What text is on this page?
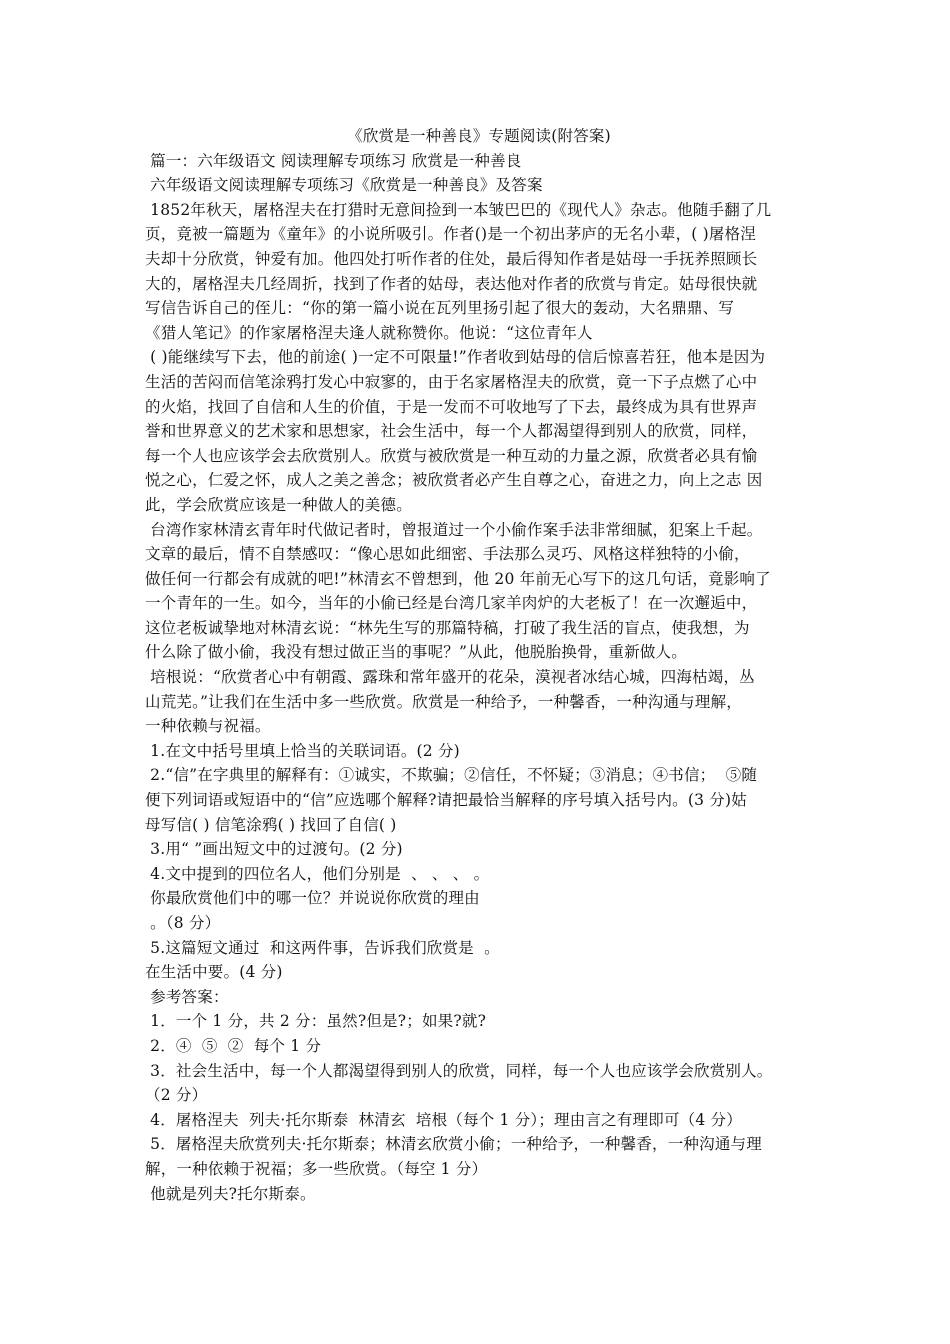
《欣赏是一种善良》专题阅读(附答案)

篇一：六年级语文 阅读理解专项练习 欣赏是一种善良
六年级语文阅读理解专项练习《欣赏是一种善良》及答案
1852年秋天，屠格涅夫在打猎时无意间捡到一本皱巴巴的《现代人》杂志。他随手翻了几
页，竟被一篇题为《童年》的小说所吸引。作者()是一个初出茅庐的无名小辈，( )屠格涅
夫却十分欣赏，钟爱有加。他四处打听作者的住处，最后得知作者是姑母一手抚养照顾长
大的，屠格涅夫几经周折，找到了作者的姑母，表达他对作者的欣赏与肯定。姑母很快就
写信告诉自己的侄儿：“你的第一篇小说在瓦列里扬引起了很大的轰动，大名鼎鼎、写
《猎人笔记》的作家屠格涅夫逢人就称赞你。他说：“这位青年人
( )能继续写下去，他的前途( )一定不可限量!”作者收到姑母的信后惊喜若狂，他本是因为
生活的苦闷而信笔涂鸦打发心中寂寥的，由于名家屠格涅夫的欣赏，竟一下子点燃了心中
的火焰，找回了自信和人生的价值，于是一发而不可收地写了下去，最终成为具有世界声
誉和世界意义的艺术家和思想家，社会生活中，每一个人都渴望得到别人的欣赏，同样，
每一个人也应该学会去欣赏别人。欣赏与被欣赏是一种互动的力量之源，欣赏者必具有愉
悦之心，仁爱之怀，成人之美之善念；被欣赏者必产生自尊之心，奋进之力，向上之志 因
此，学会欣赏应该是一种做人的美德。
台湾作家林清玄青年时代做记者时，曾报道过一个小偷作案手法非常细腻，犯案上千起。
文章的最后，情不自禁感叹：“像心思如此细密、手法那么灵巧、风格这样独特的小偷，
做任何一行都会有成就的吧!”林清玄不曾想到，他 20 年前无心写下的这几句话，竟影响了
一个青年的一生。如今，当年的小偷已经是台湾几家羊肉炉的大老板了！在一次邂逅中，
这位老板诚挚地对林清玄说：“林先生写的那篇特稿，打破了我生活的盲点，使我想，为
什么除了做小偷，我没有想过做正当的事呢？”从此，他脱胎换骨，重新做人。
培根说：“欣赏者心中有朝霞、露珠和常年盛开的花朵，漠视者冰结心城，四海枯竭，丛
山荒芜。”让我们在生活中多一些欣赏。欣赏是一种给予，一种馨香，一种沟通与理解，
一种依赖与祝福。
1.在文中括号里填上恰当的关联词语。(2 分)
2.“信”在字典里的解释有：①诚实，不欺骗；②信任，不怀疑；③消息；④书信；  ⑤随
便下列词语或短语中的“信”应选哪个解释?请把最恰当解释的序号填入括号内。(3 分)姑
母写信( ) 信笔涂鸦( ) 找回了自信( )
3.用“ ”画出短文中的过渡句。(2 分)
4.文中提到的四位名人，他们分别是  、 、 、 。
你最欣赏他们中的哪一位？并说说你欣赏的理由
。（8 分）
5.这篇短文通过  和这两件事，告诉我们欣赏是  。
在生活中要。(4 分)
参考答案：
1．一个 1 分，共 2 分：虽然?但是?；如果?就?
2．④  ⑤  ②  每个 1 分
3．社会生活中，每一个人都渴望得到别人的欣赏，同样，每一个人也应该学会欣赏别人。
（2 分）
4．屠格涅夫  列夫·托尔斯泰  林清玄  培根（每个 1 分）；理由言之有理即可（4 分）
5．屠格涅夫欣赏列夫·托尔斯泰；林清玄欣赏小偷；一种给予，一种馨香，一种沟通与理
解，一种依赖于祝福；多一些欣赏。（每空 1 分）
他就是列夫?托尔斯泰。
